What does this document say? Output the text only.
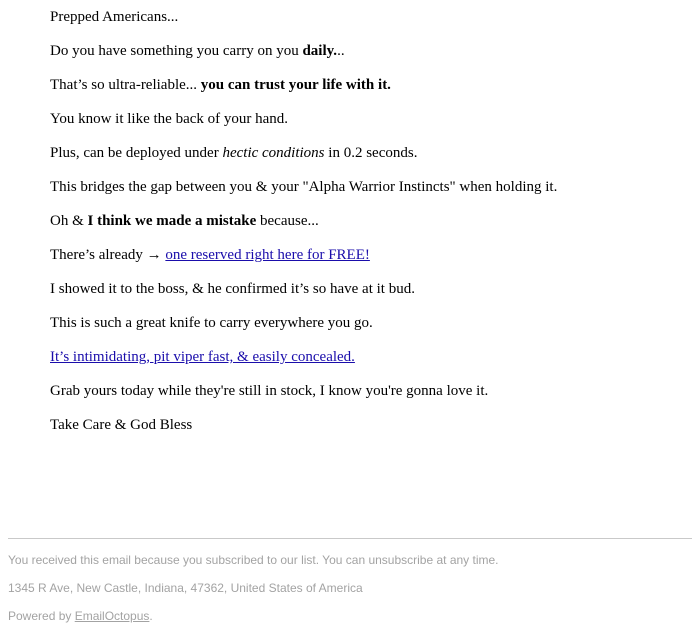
Prepped Americans...

Do you have something you carry on you daily...

That’s so ultra-reliable... you can trust your life with it.

You know it like the back of your hand.

Plus, can be deployed under hectic conditions in 0.2 seconds.

This bridges the gap between you & your "Alpha Warrior Instincts" when holding it.

Oh & I think we made a mistake because...

There’s already → one reserved right here for FREE!

I showed it to the boss, & he confirmed it’s so have at it bud.

This is such a great knife to carry everywhere you go.

It’s intimidating, pit viper fast, & easily concealed.

Grab yours today while they're still in stock, I know you're gonna love it.

Take Care & God Bless

You received this email because you subscribed to our list. You can unsubscribe at any time.

1345 R Ave, New Castle, Indiana, 47362, United States of America

Powered by EmailOctopus.
